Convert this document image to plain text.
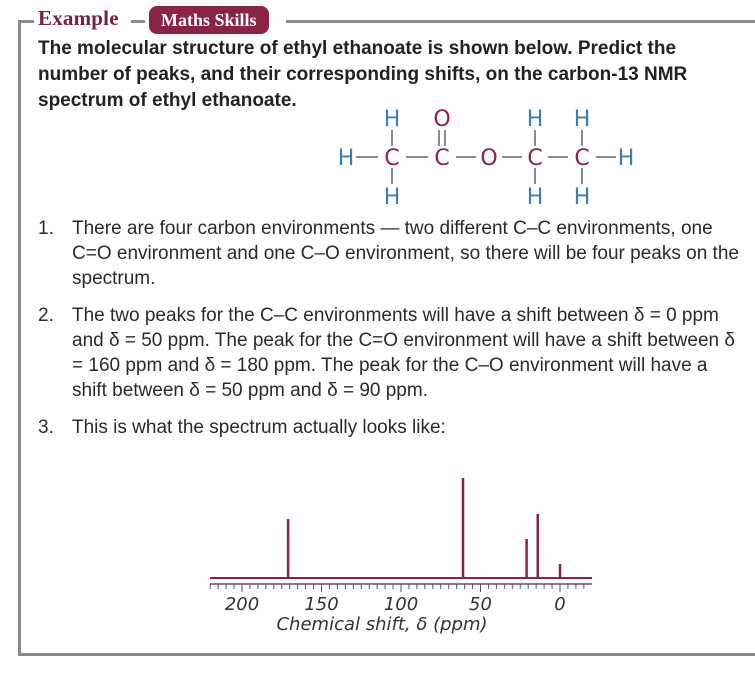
Example	Maths Skills
The molecular structure of ethyl ethanoate is shown below. Predict the number of peaks, and their corresponding shifts, on the carbon-13 NMR spectrum of ethyl ethanoate.
H O	H H
H C C O C C H
H	H H
1. There are four carbon environments — two different C–C environments, one C=O environment and one C–O environment, so there will be four peaks on the spectrum.
2. The two peaks for the C–C environments will have a shift between δ = 0 ppm and δ = 50 ppm. The peak for the C=O environment will have a shift between δ = 160 ppm and δ = 180 ppm. The peak for the C–O environment will have a shift between δ = 50 ppm and δ = 90 ppm.
3. This is what the spectrum actually looks like:
200	150	100	50	0
Chemical shift, δ (ppm)
